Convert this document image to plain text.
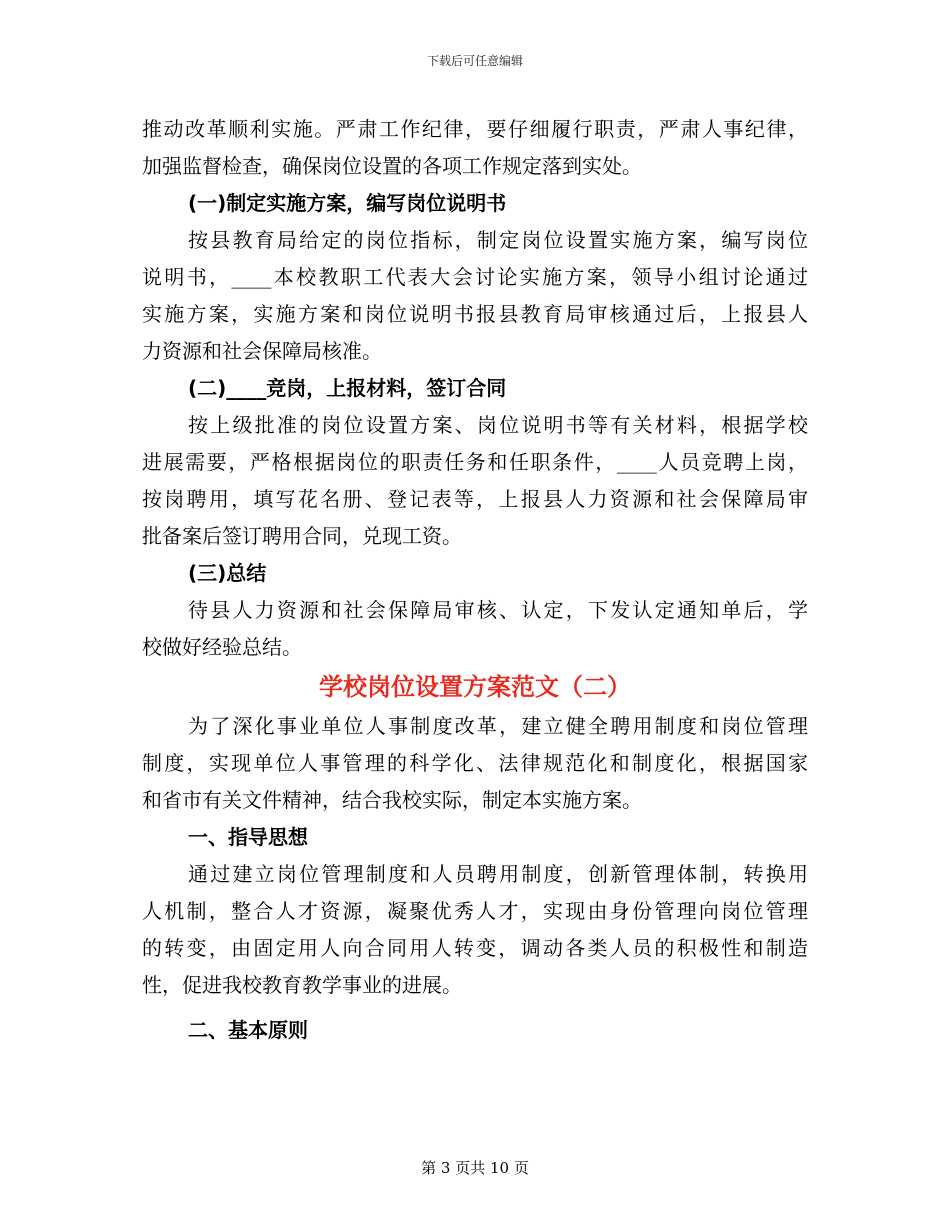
下载后可任意编辑
推动改革顺利实施。严肃工作纪律，要仔细履行职责，严肃人事纪律，
加强监督检查，确保岗位设置的各项工作规定落到实处。
(一)制定实施方案，编写岗位说明书
按县教育局给定的岗位指标，制定岗位设置实施方案，编写岗位
说明书，____本校教职工代表大会讨论实施方案，领导小组讨论通过
实施方案，实施方案和岗位说明书报县教育局审核通过后，上报县人
力资源和社会保障局核准。
(二)____竞岗，上报材料，签订合同
按上级批准的岗位设置方案、岗位说明书等有关材料，根据学校
进展需要，严格根据岗位的职责任务和任职条件，____人员竞聘上岗，
按岗聘用，填写花名册、登记表等，上报县人力资源和社会保障局审
批备案后签订聘用合同，兑现工资。
(三)总结
待县人力资源和社会保障局审核、认定，下发认定通知单后，学
校做好经验总结。
学校岗位设置方案范文（二）
为了深化事业单位人事制度改革，建立健全聘用制度和岗位管理
制度，实现单位人事管理的科学化、法律规范化和制度化，根据国家
和省市有关文件精神，结合我校实际，制定本实施方案。
一、指导思想
通过建立岗位管理制度和人员聘用制度，创新管理体制，转换用
人机制，整合人才资源，凝聚优秀人才，实现由身份管理向岗位管理
的转变，由固定用人向合同用人转变，调动各类人员的积极性和制造
性，促进我校教育教学事业的进展。
二、基本原则
第 3 页共 10 页
